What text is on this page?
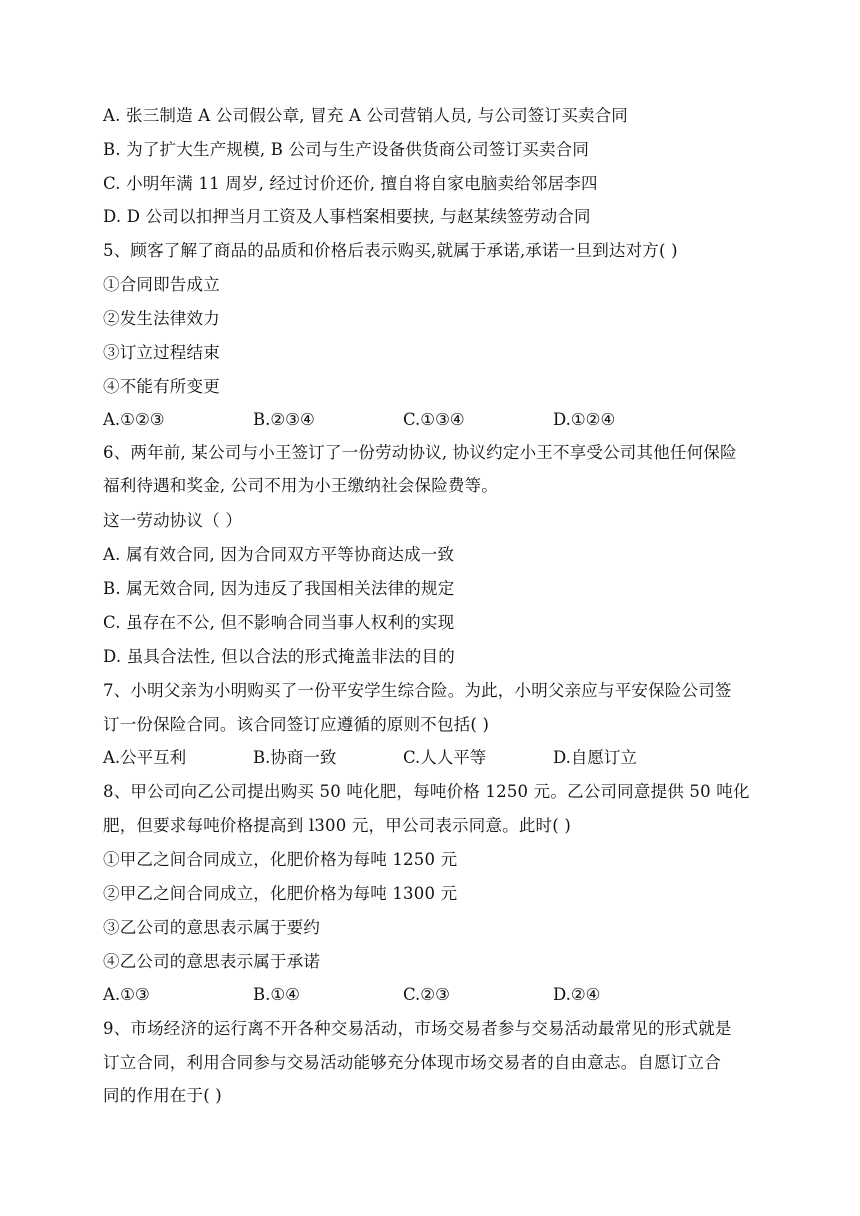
A. 张三制造 A 公司假公章, 冒充 A 公司营销人员, 与公司签订买卖合同
B. 为了扩大生产规模, B 公司与生产设备供货商公司签订买卖合同
C. 小明年满 11 周岁, 经过讨价还价, 擅自将自家电脑卖给邻居李四
D. D 公司以扣押当月工资及人事档案相要挟, 与赵某续签劳动合同
5、顾客了解了商品的品质和价格后表示购买,就属于承诺,承诺一旦到达对方( )
①合同即告成立
②发生法律效力
③订立过程结束
④不能有所变更
A.①②③	B.②③④	C.①③④	D.①②④
6、两年前, 某公司与小王签订了一份劳动协议, 协议约定小王不享受公司其他任何保险
福利待遇和奖金, 公司不用为小王缴纳社会保险费等。
这一劳动协议（ ）
A. 属有效合同, 因为合同双方平等协商达成一致
B. 属无效合同, 因为违反了我国相关法律的规定
C. 虽存在不公, 但不影响合同当事人权利的实现
D. 虽具合法性, 但以合法的形式掩盖非法的目的
7、小明父亲为小明购买了一份平安学生综合险。为此，小明父亲应与平安保险公司签
订一份保险合同。该合同签订应遵循的原则不包括( )
A.公平互利	B.协商一致	C.人人平等	D.自愿订立
8、甲公司向乙公司提出购买 50 吨化肥，每吨价格 1250 元。乙公司同意提供 50 吨化
肥，但要求每吨价格提高到 l300 元，甲公司表示同意。此时( )
①甲乙之间合同成立，化肥价格为每吨 1250 元
②甲乙之间合同成立，化肥价格为每吨 1300 元
③乙公司的意思表示属于要约
④乙公司的意思表示属于承诺
A.①③	B.①④	C.②③	D.②④
9、市场经济的运行离不开各种交易活动，市场交易者参与交易活动最常见的形式就是
订立合同，利用合同参与交易活动能够充分体现市场交易者的自由意志。自愿订立合
同的作用在于( )
